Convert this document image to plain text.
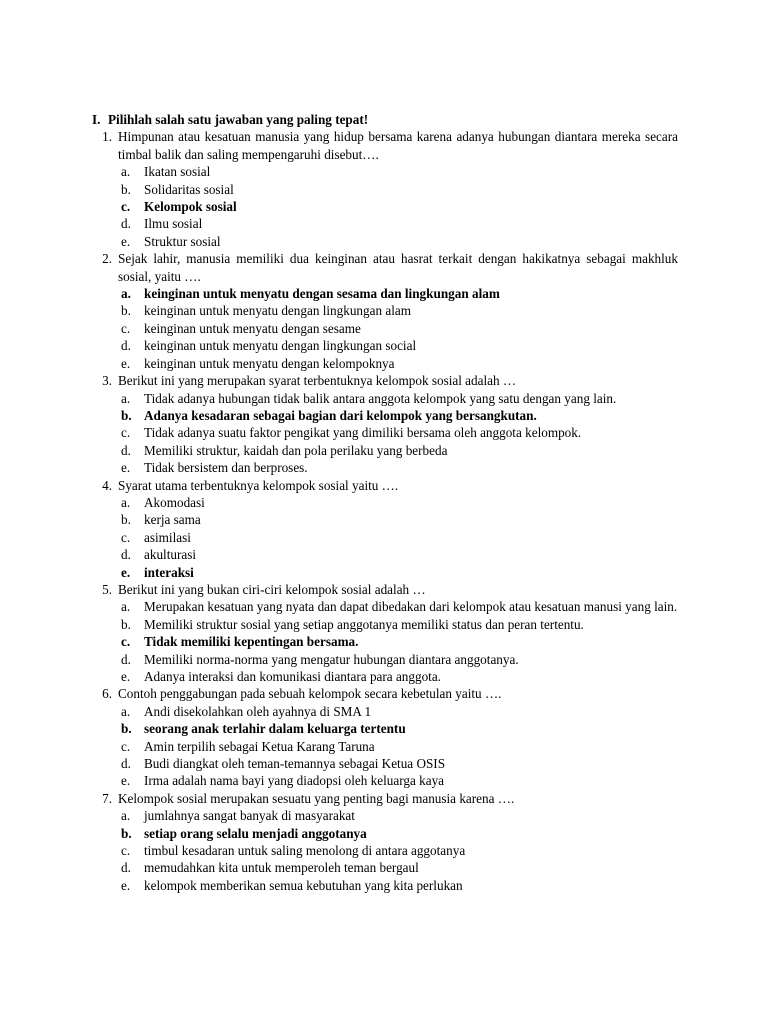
I. Pilihlah salah satu jawaban yang paling tepat!
1. Himpunan atau kesatuan manusia yang hidup bersama karena adanya hubungan diantara mereka secara timbal balik dan saling mempengaruhi disebut….
a.	Ikatan sosial
b. Solidaritas sosial
c.	Kelompok sosial
d. Ilmu sosial
e.	Struktur sosial
2. Sejak lahir, manusia memiliki dua keinginan atau hasrat terkait dengan hakikatnya sebagai makhluk sosial, yaitu ….
a. keinginan untuk menyatu dengan sesama dan lingkungan alam
b. keinginan untuk menyatu dengan lingkungan alam
c.	keinginan untuk menyatu dengan sesame
d. keinginan untuk menyatu dengan lingkungan social
e.	keinginan untuk menyatu dengan kelompoknya
3. Berikut ini yang merupakan syarat terbentuknya kelompok sosial adalah …
a.	Tidak adanya hubungan tidak balik antara anggota kelompok yang satu dengan yang lain.
b. Adanya kesadaran sebagai bagian dari kelompok yang bersangkutan.
c.	Tidak adanya suatu faktor pengikat yang dimiliki bersama oleh anggota kelompok.
d. Memiliki struktur, kaidah dan pola perilaku yang berbeda
e.	Tidak bersistem dan berproses.
4. Syarat utama terbentuknya kelompok sosial yaitu ….
a.	Akomodasi
b. kerja sama
c.	asimilasi
d. akulturasi
e.	interaksi
5. Berikut ini yang bukan ciri-ciri kelompok sosial adalah …
a.	Merupakan kesatuan yang nyata dan dapat dibedakan dari kelompok atau kesatuan manusi yang lain.
b. Memiliki struktur sosial yang setiap anggotanya memiliki status dan peran tertentu.
c.	Tidak memiliki kepentingan bersama.
d. Memiliki norma-norma yang mengatur hubungan diantara anggotanya.
e.	Adanya interaksi dan komunikasi diantara para anggota.
6. Contoh penggabungan pada sebuah kelompok secara kebetulan yaitu ….
a.	Andi disekolahkan oleh ayahnya di SMA 1
b. seorang anak terlahir dalam keluarga tertentu
c.	Amin terpilih sebagai Ketua Karang Taruna
d. Budi diangkat oleh teman-temannya sebagai Ketua OSIS
e.	Irma adalah nama bayi yang diadopsi oleh keluarga kaya
7. Kelompok sosial merupakan sesuatu yang penting bagi manusia karena ….
a.	jumlahnya sangat banyak di masyarakat
b. setiap orang selalu menjadi anggotanya
c.	timbul kesadaran untuk saling menolong di antara aggotanya
d. memudahkan kita untuk memperoleh teman bergaul
e.	kelompok memberikan semua kebutuhan yang kita perlukan
